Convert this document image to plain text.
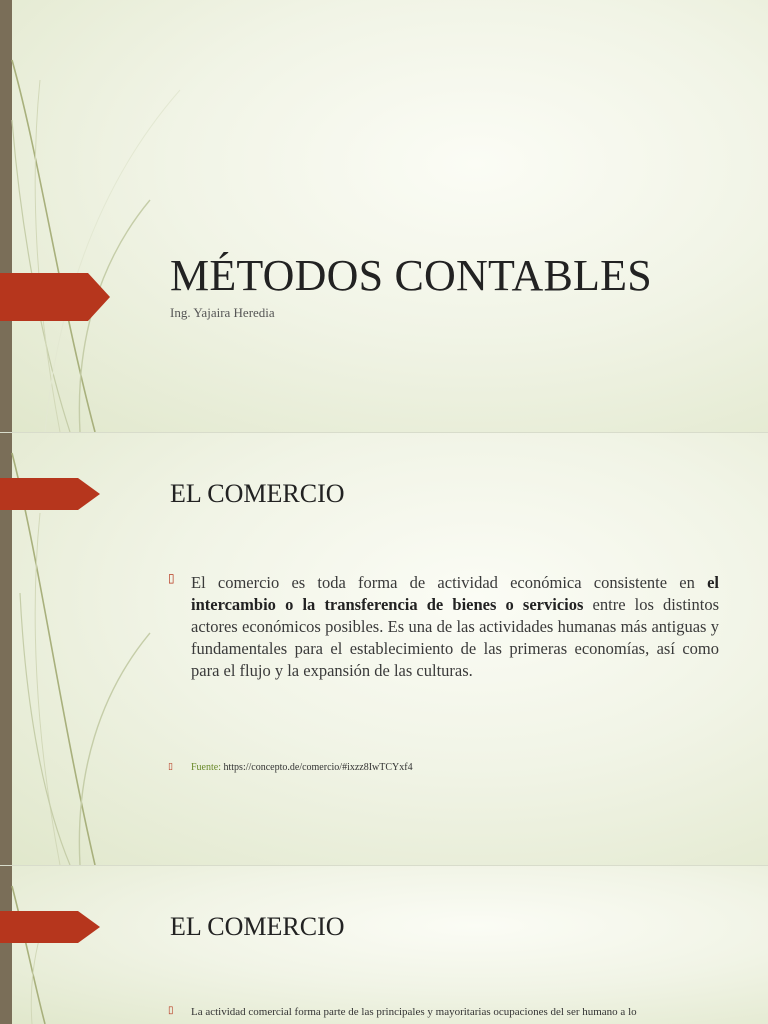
MÉTODOS CONTABLES
Ing. Yajaira Heredia
EL COMERCIO
▯ El comercio es toda forma de actividad económica consistente en el intercambio o la transferencia de bienes o servicios entre los distintos actores económicos posibles. Es una de las actividades humanas más antiguas y fundamentales para el establecimiento de las primeras economías, así como para el flujo y la expansión de las culturas.
▯ Fuente: https://concepto.de/comercio/#ixzz8IwTCYxf4
EL COMERCIO
▯ La actividad comercial forma parte de las principales y mayoritarias ocupaciones del ser humano a lo
